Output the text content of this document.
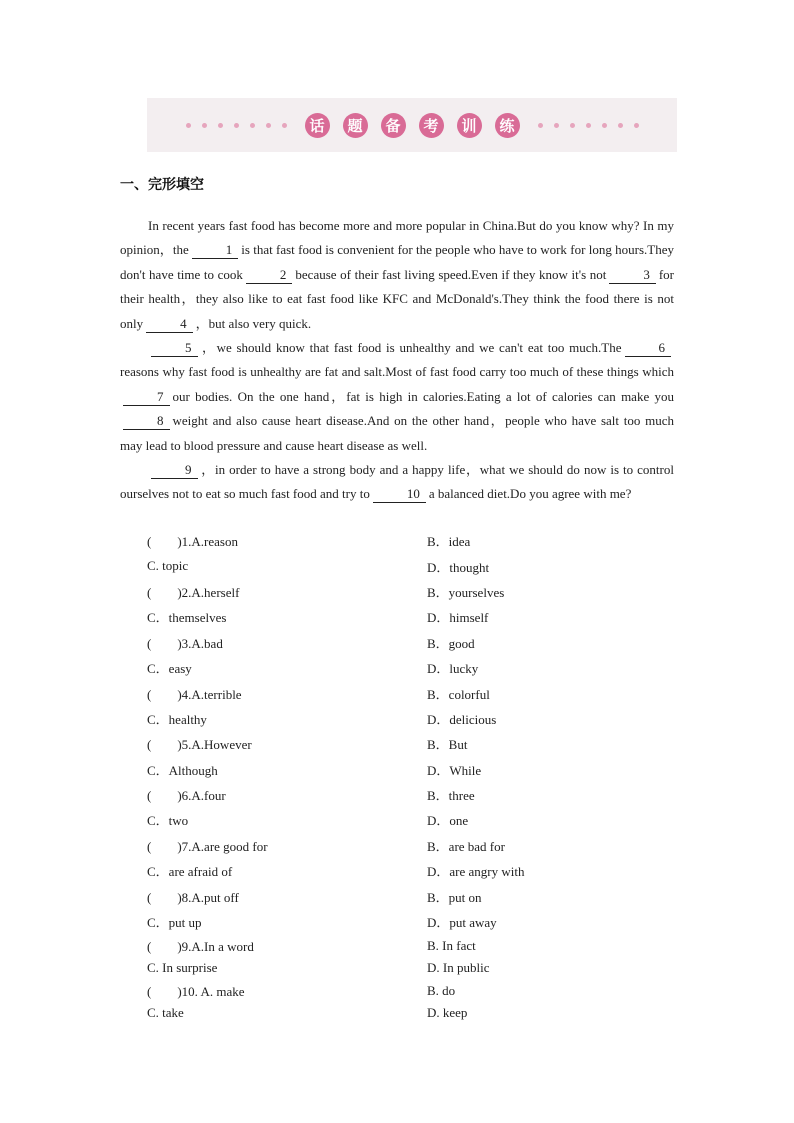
话	题	备	考	训	练
一、完形填空

In recent years fast food has become more and more popular in China.But do you know why? In my opinion，the	1 is that fast food is convenient for the people who have to work for long hours.They don't have time to cook	2 because of their fast living speed.Even if they know it's not	3 for their health，they also like to eat fast food like KFC and McDonald's.They think the food there is not only	4 ，but also very quick.

5 ，we should know that fast food is unhealthy and we can't eat too much.The	6reasons why fast food is unhealthy are fat and salt.Most of fast food carry too much of these things which7 our bodies. On the one hand，fat is high in calories.Eating a lot of calories can make you8 weight and also cause heart disease.And on the other hand，people who have salt too much may lead to blood pressure and cause heart disease as well.

9 ，in order to have a strong body and a happy life，what we should do now is to control ourselves not to eat so much fast food and try to	10 a balanced diet.Do you agree with me?

(　　)1.A.reason	B．idea
C. topic	D．thought
(　　)2.A.herself	B．yourselves
C．themselves	D．himself
(　　)3.A.bad	B．good
C．easy	D．lucky
(　　)4.A.terrible	B．colorful
C．healthy	D．delicious
(　　)5.A.However	B．But
C．Although	D．While
(　　)6.A.four	B．three
C．two	D．one
(　　)7.A.are good for	B．are bad for
C．are afraid of	D．are angry with
(　　)8.A.put off	B．put on
C．put up	D．put away
(　　)9.A.In a word	B. In fact
C. In surprise	D. In public
(　　)10. A. make	B. do
C. take	D. keep
